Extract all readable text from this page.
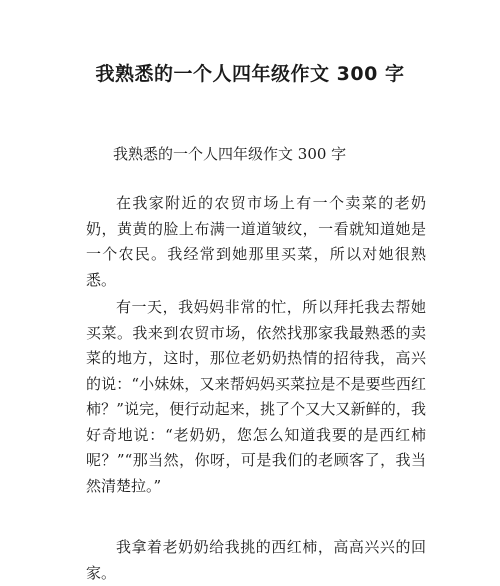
我熟悉的一个人四年级作文 300 字
我熟悉的一个人四年级作文 300 字

在我家附近的农贸市场上有一个卖菜的老奶奶，黄黄的脸上布满一道道皱纹，一看就知道她是一个农民。我经常到她那里买菜，所以对她很熟悉。

有一天，我妈妈非常的忙，所以拜托我去帮她买菜。我来到农贸市场，依然找那家我最熟悉的卖菜的地方，这时，那位老奶奶热情的招待我，高兴的说：“小妹妹，又来帮妈妈买菜拉是不是要些西红柿？”说完，便行动起来，挑了个又大又新鲜的，我好奇地说：“老奶奶，您怎么知道我要的是西红柿呢？”“那当然，你呀，可是我们的老顾客了，我当然清楚拉。”

我拿着老奶奶给我挑的西红柿，高高兴兴的回家。
